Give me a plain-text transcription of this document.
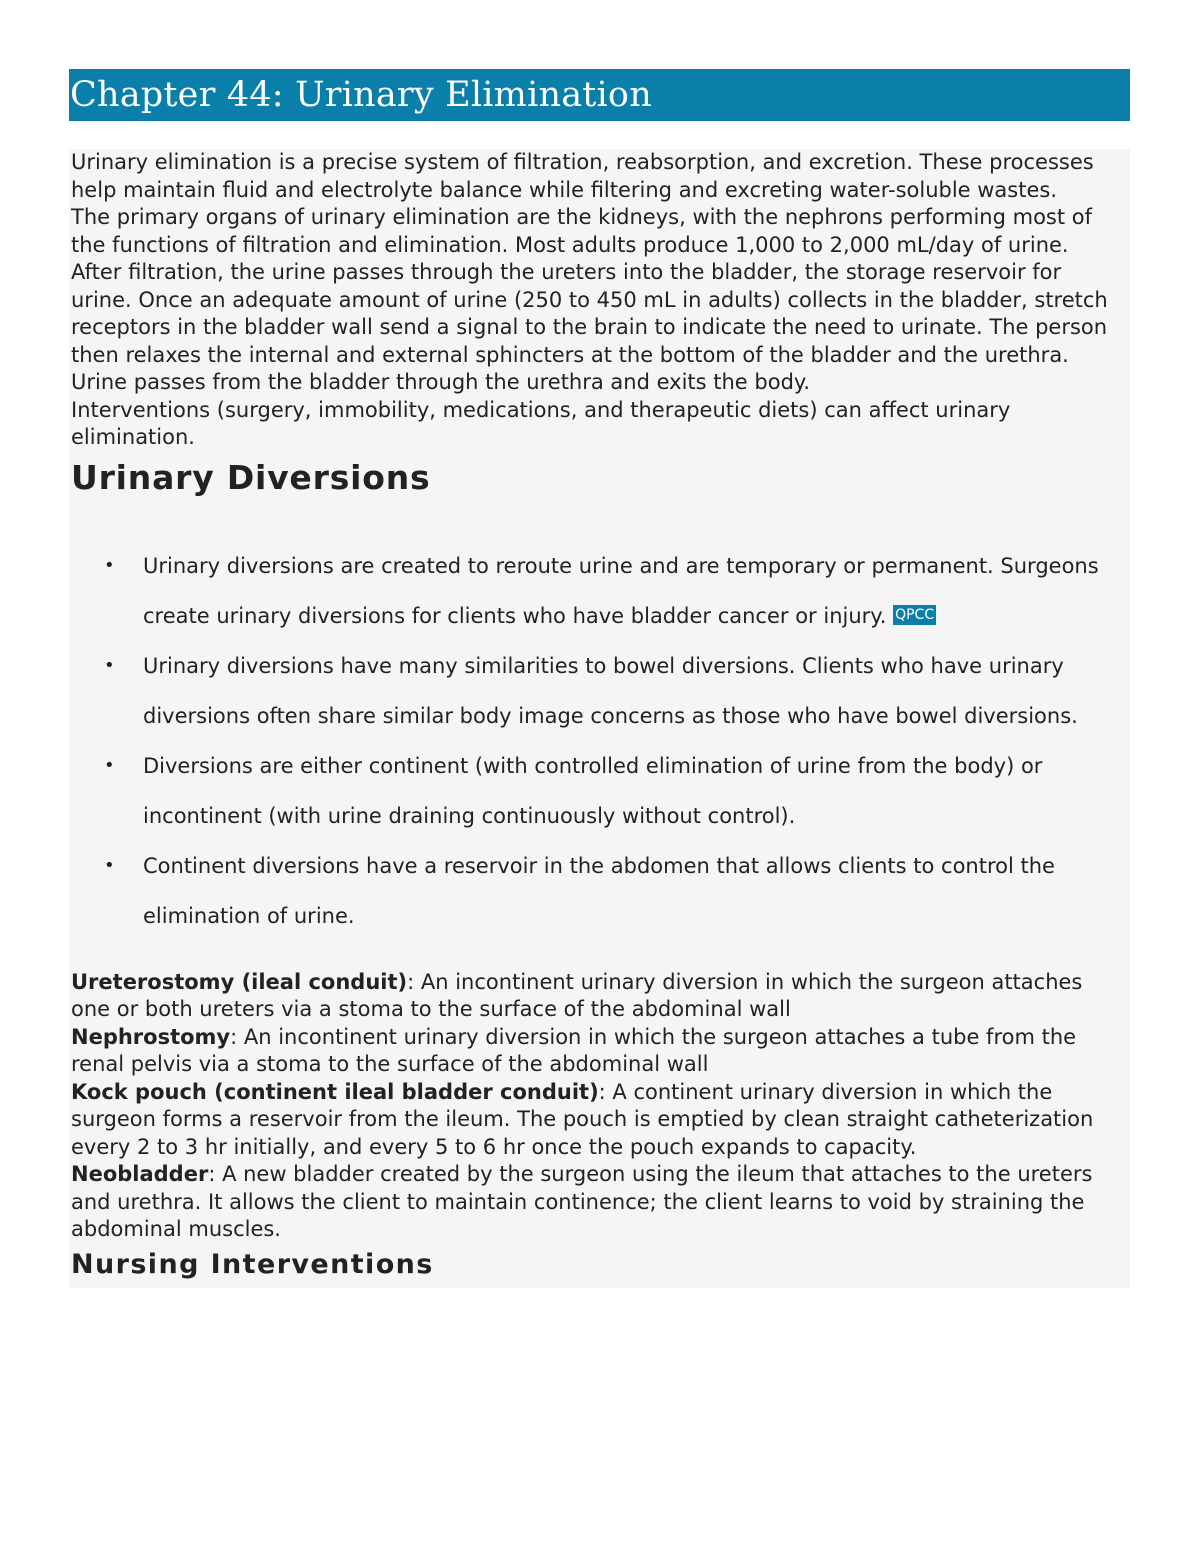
Chapter 44: Urinary Elimination

Urinary elimination is a precise system of filtration, reabsorption, and excretion. These processes help maintain fluid and electrolyte balance while filtering and excreting water-soluble wastes.

The primary organs of urinary elimination are the kidneys, with the nephrons performing most of the functions of filtration and elimination. Most adults produce 1,000 to 2,000 mL/day of urine.

After filtration, the urine passes through the ureters into the bladder, the storage reservoir for urine. Once an adequate amount of urine (250 to 450 mL in adults) collects in the bladder, stretch receptors in the bladder wall send a signal to the brain to indicate the need to urinate. The person then relaxes the internal and external sphincters at the bottom of the bladder and the urethra. Urine passes from the bladder through the urethra and exits the body.

Interventions (surgery, immobility, medications, and therapeutic diets) can affect urinary elimination.

Urinary Diversions
• Urinary diversions are created to reroute urine and are temporary or permanent. Surgeons create urinary diversions for clients who have bladder cancer or injury. QPCC
• Urinary diversions have many similarities to bowel diversions. Clients who have urinary diversions often share similar body image concerns as those who have bowel diversions.
• Diversions are either continent (with controlled elimination of urine from the body) or incontinent (with urine draining continuously without control).
• Continent diversions have a reservoir in the abdomen that allows clients to control the elimination of urine.

Ureterostomy (ileal conduit): An incontinent urinary diversion in which the surgeon attaches one or both ureters via a stoma to the surface of the abdominal wall

Nephrostomy: An incontinent urinary diversion in which the surgeon attaches a tube from the renal pelvis via a stoma to the surface of the abdominal wall

Kock pouch (continent ileal bladder conduit): A continent urinary diversion in which the surgeon forms a reservoir from the ileum. The pouch is emptied by clean straight catheterization every 2 to 3 hr initially, and every 5 to 6 hr once the pouch expands to capacity.

Neobladder: A new bladder created by the surgeon using the ileum that attaches to the ureters and urethra. It allows the client to maintain continence; the client learns to void by straining the abdominal muscles.

Nursing Interventions
